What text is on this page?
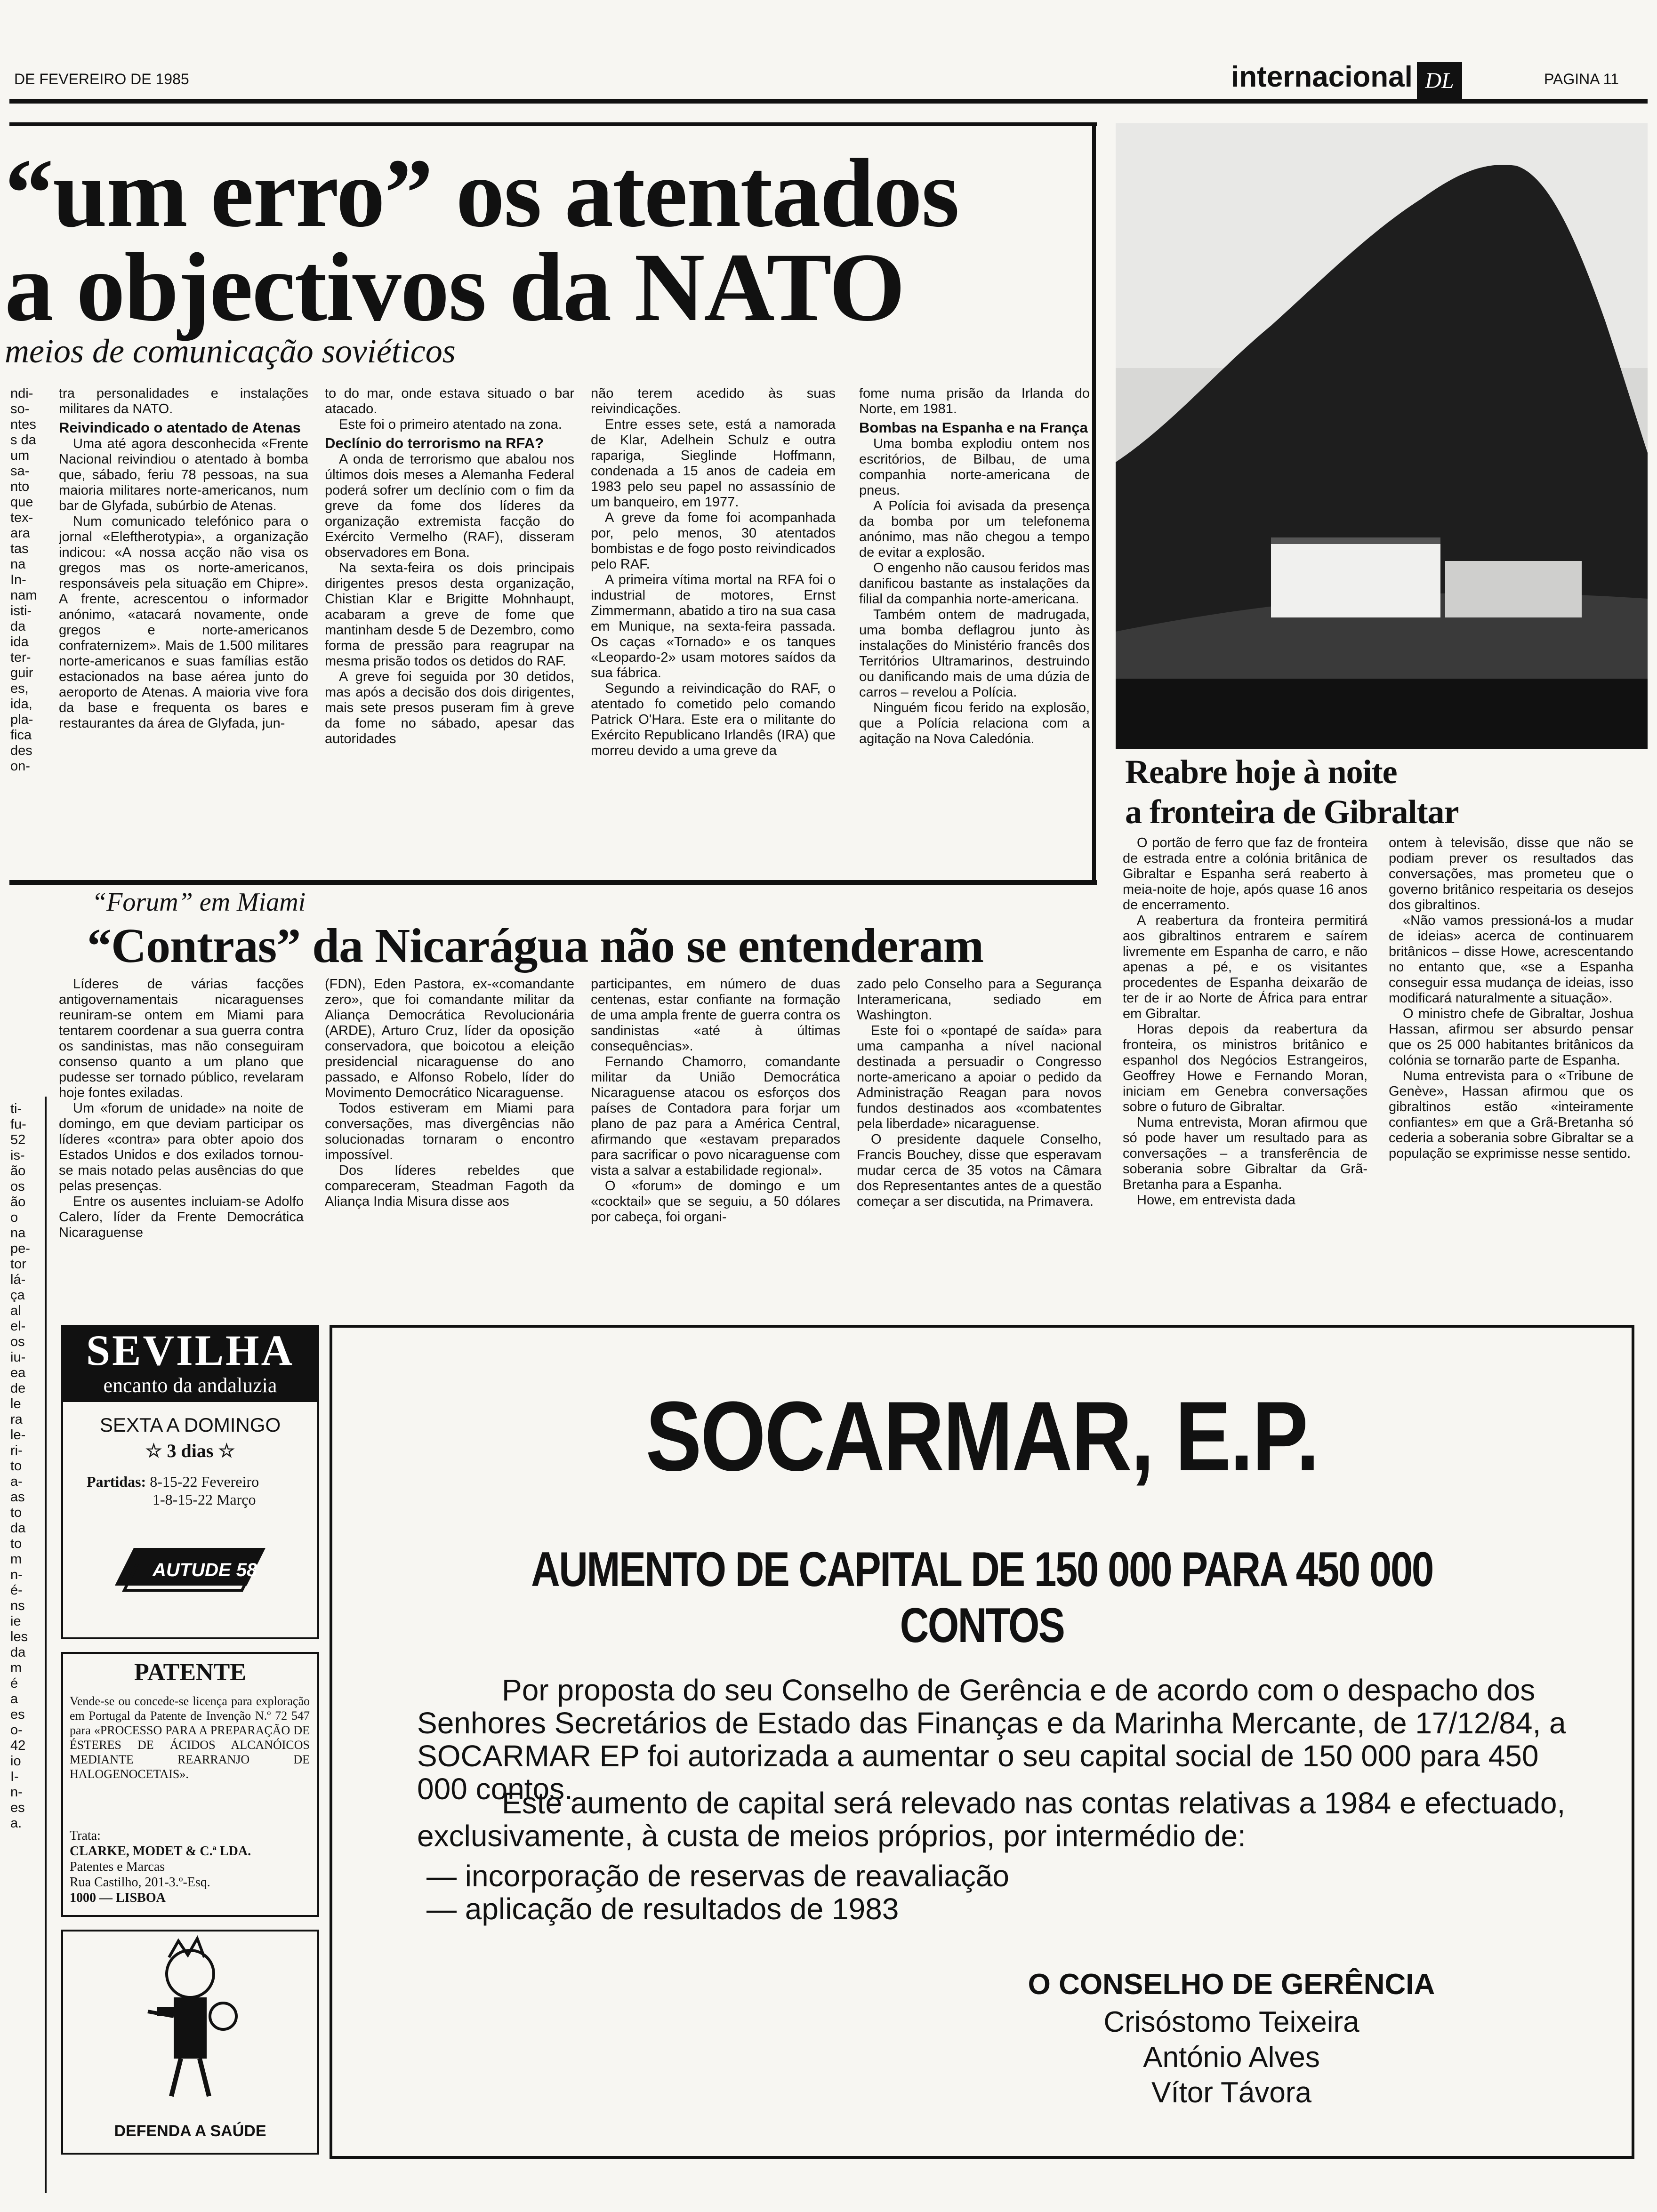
DE FEVEREIRO DE 1985	internacional DL	PAGINA 11
“um erro” os atentados
a objectivos da NATO
meios de comunicação soviéticos
ndi-
so-
ntes
s da
um
sa-
nto
que
tex-
ara
tas
na
In-
nam
isti-
da
ida
ter-
guir
es,
ida,
pla-
fica
des
on-

tra personalidades e instalações militares da NATO.

Reivindicado o atentado de Atenas

Uma até agora desconhecida «Frente Nacional reivindiou o atentado à bomba que, sábado, feriu 78 pessoas, na sua maioria militares norte-americanos, num bar de Glyfada, subúrbio de Atenas.

Num comunicado telefónico para o jornal «Eleftherotypia», a organização indicou: «A nossa acção não visa os gregos mas os norte-americanos, responsáveis pela situação em Chipre». A frente, acrescentou o informador anónimo, «atacará novamente, onde gregos e norte-americanos confraternizem». Mais de 1.500 militares norte-americanos e suas famílias estão estacionados na base aérea junto do aeroporto de Atenas. A maioria vive fora da base e frequenta os bares e restaurantes da área de Glyfada, jun-

to do mar, onde estava situado o bar atacado.

Este foi o primeiro atentado na zona.

Declínio do terrorismo na RFA?

A onda de terrorismo que abalou nos últimos dois meses a Alemanha Federal poderá sofrer um declínio com o fim da greve da fome dos líderes da organização extremista facção do Exército Vermelho (RAF), disseram observadores em Bona.

Na sexta-feira os dois principais dirigentes presos desta organização, Chistian Klar e Brigitte Mohnhaupt, acabaram a greve de fome que mantinham desde 5 de Dezembro, como forma de pressão para reagrupar na mesma prisão todos os detidos do RAF.

A greve foi seguida por 30 detidos, mas após a decisão dos dois dirigentes, mais sete presos puseram fim à greve da fome no sábado, apesar das autoridades

não terem acedido às suas reivindicações.

Entre esses sete, está a namorada de Klar, Adelhein Schulz e outra rapariga, Sieglinde Hoffmann, condenada a 15 anos de cadeia em 1983 pelo seu papel no assassínio de um banqueiro, em 1977.

A greve da fome foi acompanhada por, pelo menos, 30 atentados bombistas e de fogo posto reivindicados pelo RAF.

A primeira vítima mortal na RFA foi o industrial de motores, Ernst Zimmermann, abatido a tiro na sua casa em Munique, na sexta-feira passada. Os caças «Tornado» e os tanques «Leopardo-2» usam motores saídos da sua fábrica.

Segundo a reivindicação do RAF, o atentado fo cometido pelo comando Patrick O'Hara. Este era o militante do Exército Republicano Irlandês (IRA) que morreu devido a uma greve da

fome numa prisão da Irlanda do Norte, em 1981.

Bombas na Espanha e na França

Uma bomba explodiu ontem nos escritórios, de Bilbau, de uma companhia norte-americana de pneus.

A Polícia foi avisada da presença da bomba por um telefonema anónimo, mas não chegou a tempo de evitar a explosão.

O engenho não causou feridos mas danificou bastante as instalações da filial da companhia norte-americana.

Também ontem de madrugada, uma bomba deflagrou junto às instalações do Ministério francês dos Territórios Ultramarinos, destruindo ou danificando mais de uma dúzia de carros – revelou a Polícia.

Ninguém ficou ferido na explosão, que a Polícia relaciona com a agitação na Nova Caledónia.

Reabre hoje à noite
a fronteira de Gibraltar

O portão de ferro que faz de fronteira de estrada entre a colónia britânica de Gibraltar e Espanha será reaberto à meia-noite de hoje, após quase 16 anos de encerramento.

A reabertura da fronteira permitirá aos gibraltinos entrarem e saírem livremente em Espanha de carro, e não apenas a pé, e os visitantes procedentes de Espanha deixarão de ter de ir ao Norte de África para entrar em Gibraltar.

Horas depois da reabertura da fronteira, os ministros britânico e espanhol dos Negócios Estrangeiros, Geoffrey Howe e Fernando Moran, iniciam em Genebra conversações sobre o futuro de Gibraltar.

Numa entrevista, Moran afirmou que só pode haver um resultado para as conversações – a transferência de soberania sobre Gibraltar da Grã-Bretanha para a Espanha.

Howe, em entrevista dada

ontem à televisão, disse que não se podiam prever os resultados das conversações, mas prometeu que o governo britânico respeitaria os desejos dos gibraltinos.

«Não vamos pressioná-los a mudar de ideias» acerca de continuarem britânicos – disse Howe, acrescentando no entanto que, «se a Espanha conseguir essa mudança de ideias, isso modificará naturalmente a situação».

O ministro chefe de Gibraltar, Joshua Hassan, afirmou ser absurdo pensar que os 25 000 habitantes britânicos da colónia se tornarão parte de Espanha.

Numa entrevista para o «Tribune de Genève», Hassan afirmou que os gibraltinos estão «inteiramente confiantes» em que a Grã-Bretanha só cederia a soberania sobre Gibraltar se a população se exprimisse nesse sentido.

“Forum” em Miami
“Contras” da Nicarágua não se entenderam
ti-
fu-
52
is-
ão
os
ão
o
na
pe-
tor
lá-
ça
al
el-
os
iu-
ea
de
le
ra
le-
ri-
to
a-
as
to
da
to
m
n-
é-
ns
ie
les
da
m
é
a
es
o-
42
io
I-
n-
es
a.

Líderes de várias facções antigovernamentais nicaraguenses reuniram-se ontem em Miami para tentarem coordenar a sua guerra contra os sandinistas, mas não conseguiram consenso quanto a um plano que pudesse ser tornado público, revelaram hoje fontes exiladas.

Um «forum de unidade» na noite de domingo, em que deviam participar os líderes «contra» para obter apoio dos Estados Unidos e dos exilados tornou-se mais notado pelas ausências do que pelas presenças.

Entre os ausentes incluiam-se Adolfo Calero, líder da Frente Democrática Nicaraguense

(FDN), Eden Pastora, ex-«comandante zero», que foi comandante militar da Aliança Democrática Revolucionária (ARDE), Arturo Cruz, líder da oposição conservadora, que boicotou a eleição presidencial nicaraguense do ano passado, e Alfonso Robelo, líder do Movimento Democrático Nicaraguense.

Todos estiveram em Miami para conversações, mas divergências não solucionadas tornaram o encontro impossível.

Dos líderes rebeldes que compareceram, Steadman Fagoth da Aliança India Misura disse aos

participantes, em número de duas centenas, estar confiante na formação de uma ampla frente de guerra contra os sandinistas «até à últimas consequências».

Fernando Chamorro, comandante militar da União Democrática Nicaraguense atacou os esforços dos países de Contadora para forjar um plano de paz para a América Central, afirmando que «estavam preparados para sacrificar o povo nicaraguense com vista a salvar a estabilidade regional».

O «forum» de domingo e um «cocktail» que se seguiu, a 50 dólares por cabeça, foi organi-

zado pelo Conselho para a Segurança Interamericana, sediado em Washington.

Este foi o «pontapé de saída» para uma campanha a nível nacional destinada a persuadir o Congresso norte-americano a apoiar o pedido da Administração Reagan para novos fundos destinados aos «combatentes pela liberdade» nicaraguense.

O presidente daquele Conselho, Francis Bouchey, disse que esperavam mudar cerca de 35 votos na Câmara dos Representantes antes de a questão começar a ser discutida, na Primavera.

SEVILHA
encanto da andaluzia
SEXTA A DOMINGO
☆ 3 dias ☆
Partidas: 8-15-22 Fevereiro
1-8-15-22 Março
AUTUDE 58
PATENTE
Vende-se ou concede-se licença para exploração em Portugal da Patente de Invenção N.º 72 547 para «PROCESSO PARA A PREPARAÇÃO DE ÉSTERES DE ÁCIDOS ALCANÓICOS MEDIANTE REARRANJO DE HALOGENOCETAIS».
Trata:
CLARKE, MODET & C.ª LDA.
Patentes e Marcas
Rua Castilho, 201-3.º-Esq.
1000 — LISBOA
DEFENDA A SAÚDE
SOCARMAR, E.P.
AUMENTO DE CAPITAL DE 150 000 PARA 450 000 CONTOS
Por proposta do seu Conselho de Gerência e de acordo com o despacho dos Senhores Secretários de Estado das Finanças e da Marinha Mercante, de 17/12/84, a SOCARMAR EP foi autorizada a aumentar o seu capital social de 150 000 para 450 000 contos.
Este aumento de capital será relevado nas contas relativas a 1984 e efectuado, exclusivamente, à custa de meios próprios, por intermédio de:
— incorporação de reservas de reavaliação
— aplicação de resultados de 1983
O CONSELHO DE GERÊNCIA
Crisóstomo Teixeira
António Alves
Vítor Távora
